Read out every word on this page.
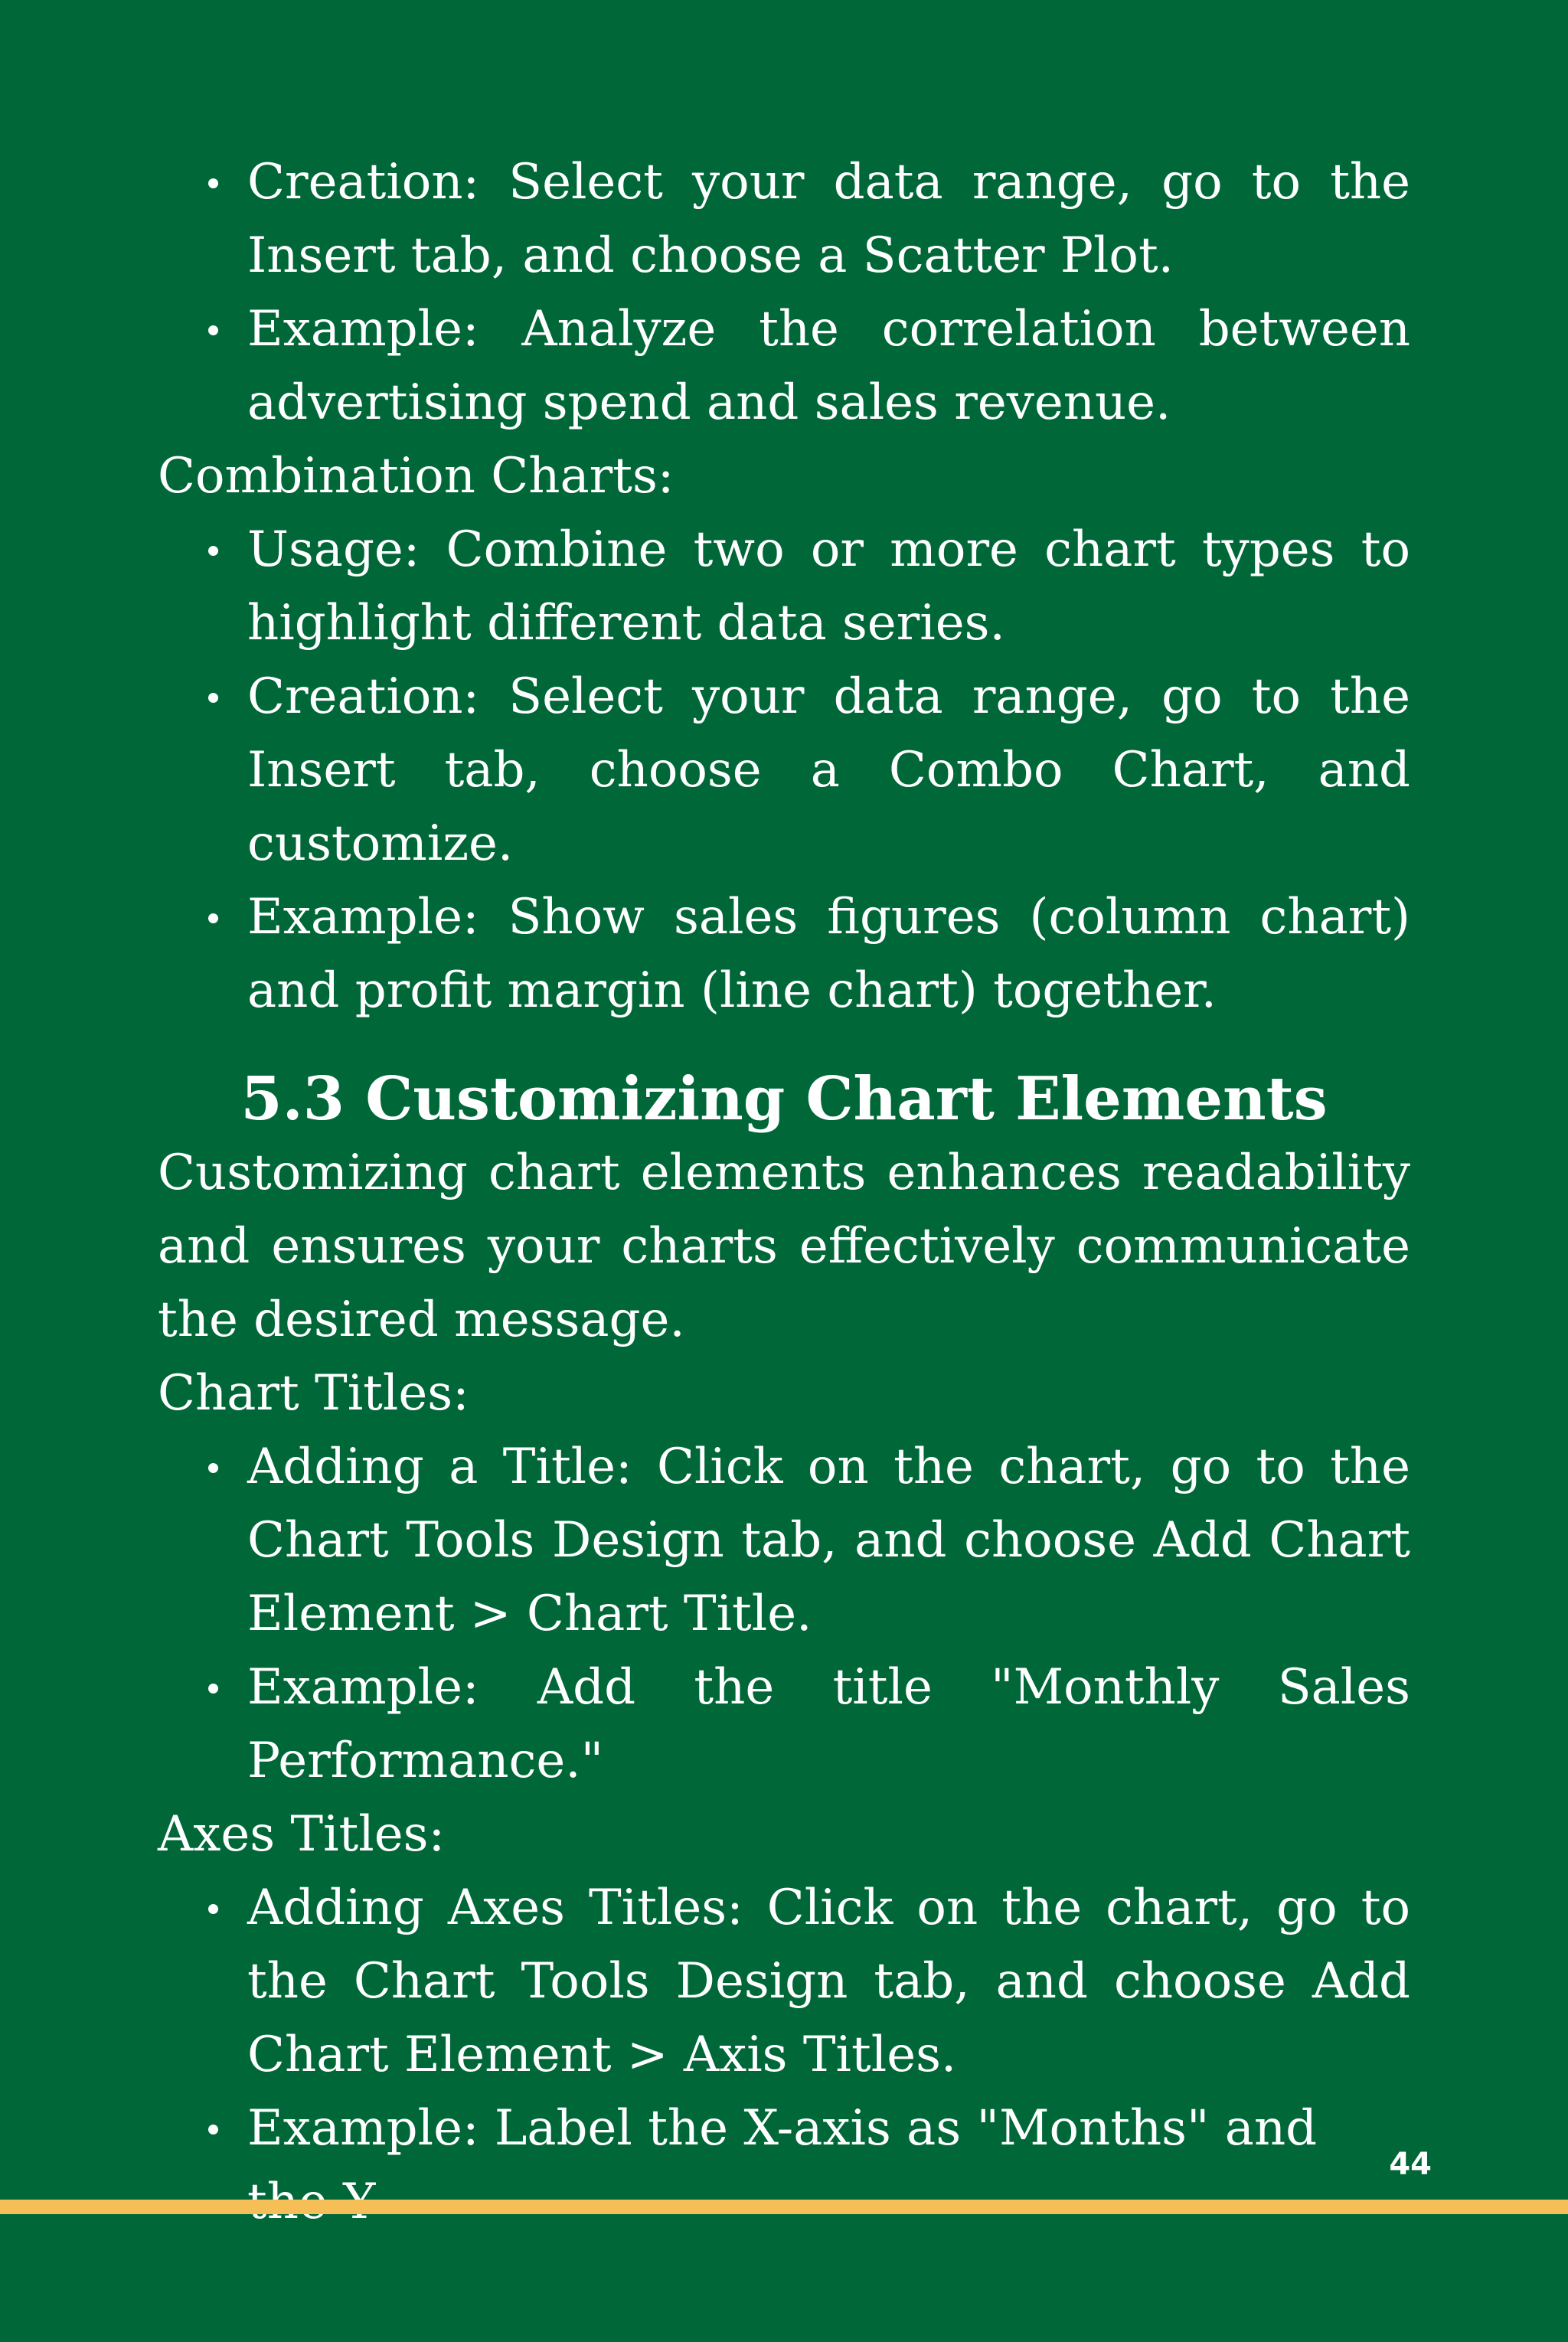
Creation: Select your data range, go to the Insert tab, and choose a Scatter Plot.
Example: Analyze the correlation between advertising spend and sales revenue.

Combination Charts:

Usage: Combine two or more chart types to highlight different data series.
Creation: Select your data range, go to the Insert tab, choose a Combo Chart, and customize.
Example: Show sales figures (column chart) and profit margin (line chart) together.
5.3 Customizing Chart Elements

Customizing chart elements enhances readability and ensures your charts effectively communicate the desired message.

Chart Titles:

Adding a Title: Click on the chart, go to the Chart Tools Design tab, and choose Add Chart Element > Chart Title.
Example: Add the title "Monthly Sales Performance."

Axes Titles:

Adding Axes Titles: Click on the chart, go to the Chart Tools Design tab, and choose Add Chart Element > Axis Titles.
Example: Label the X-axis as "Months" and
44
